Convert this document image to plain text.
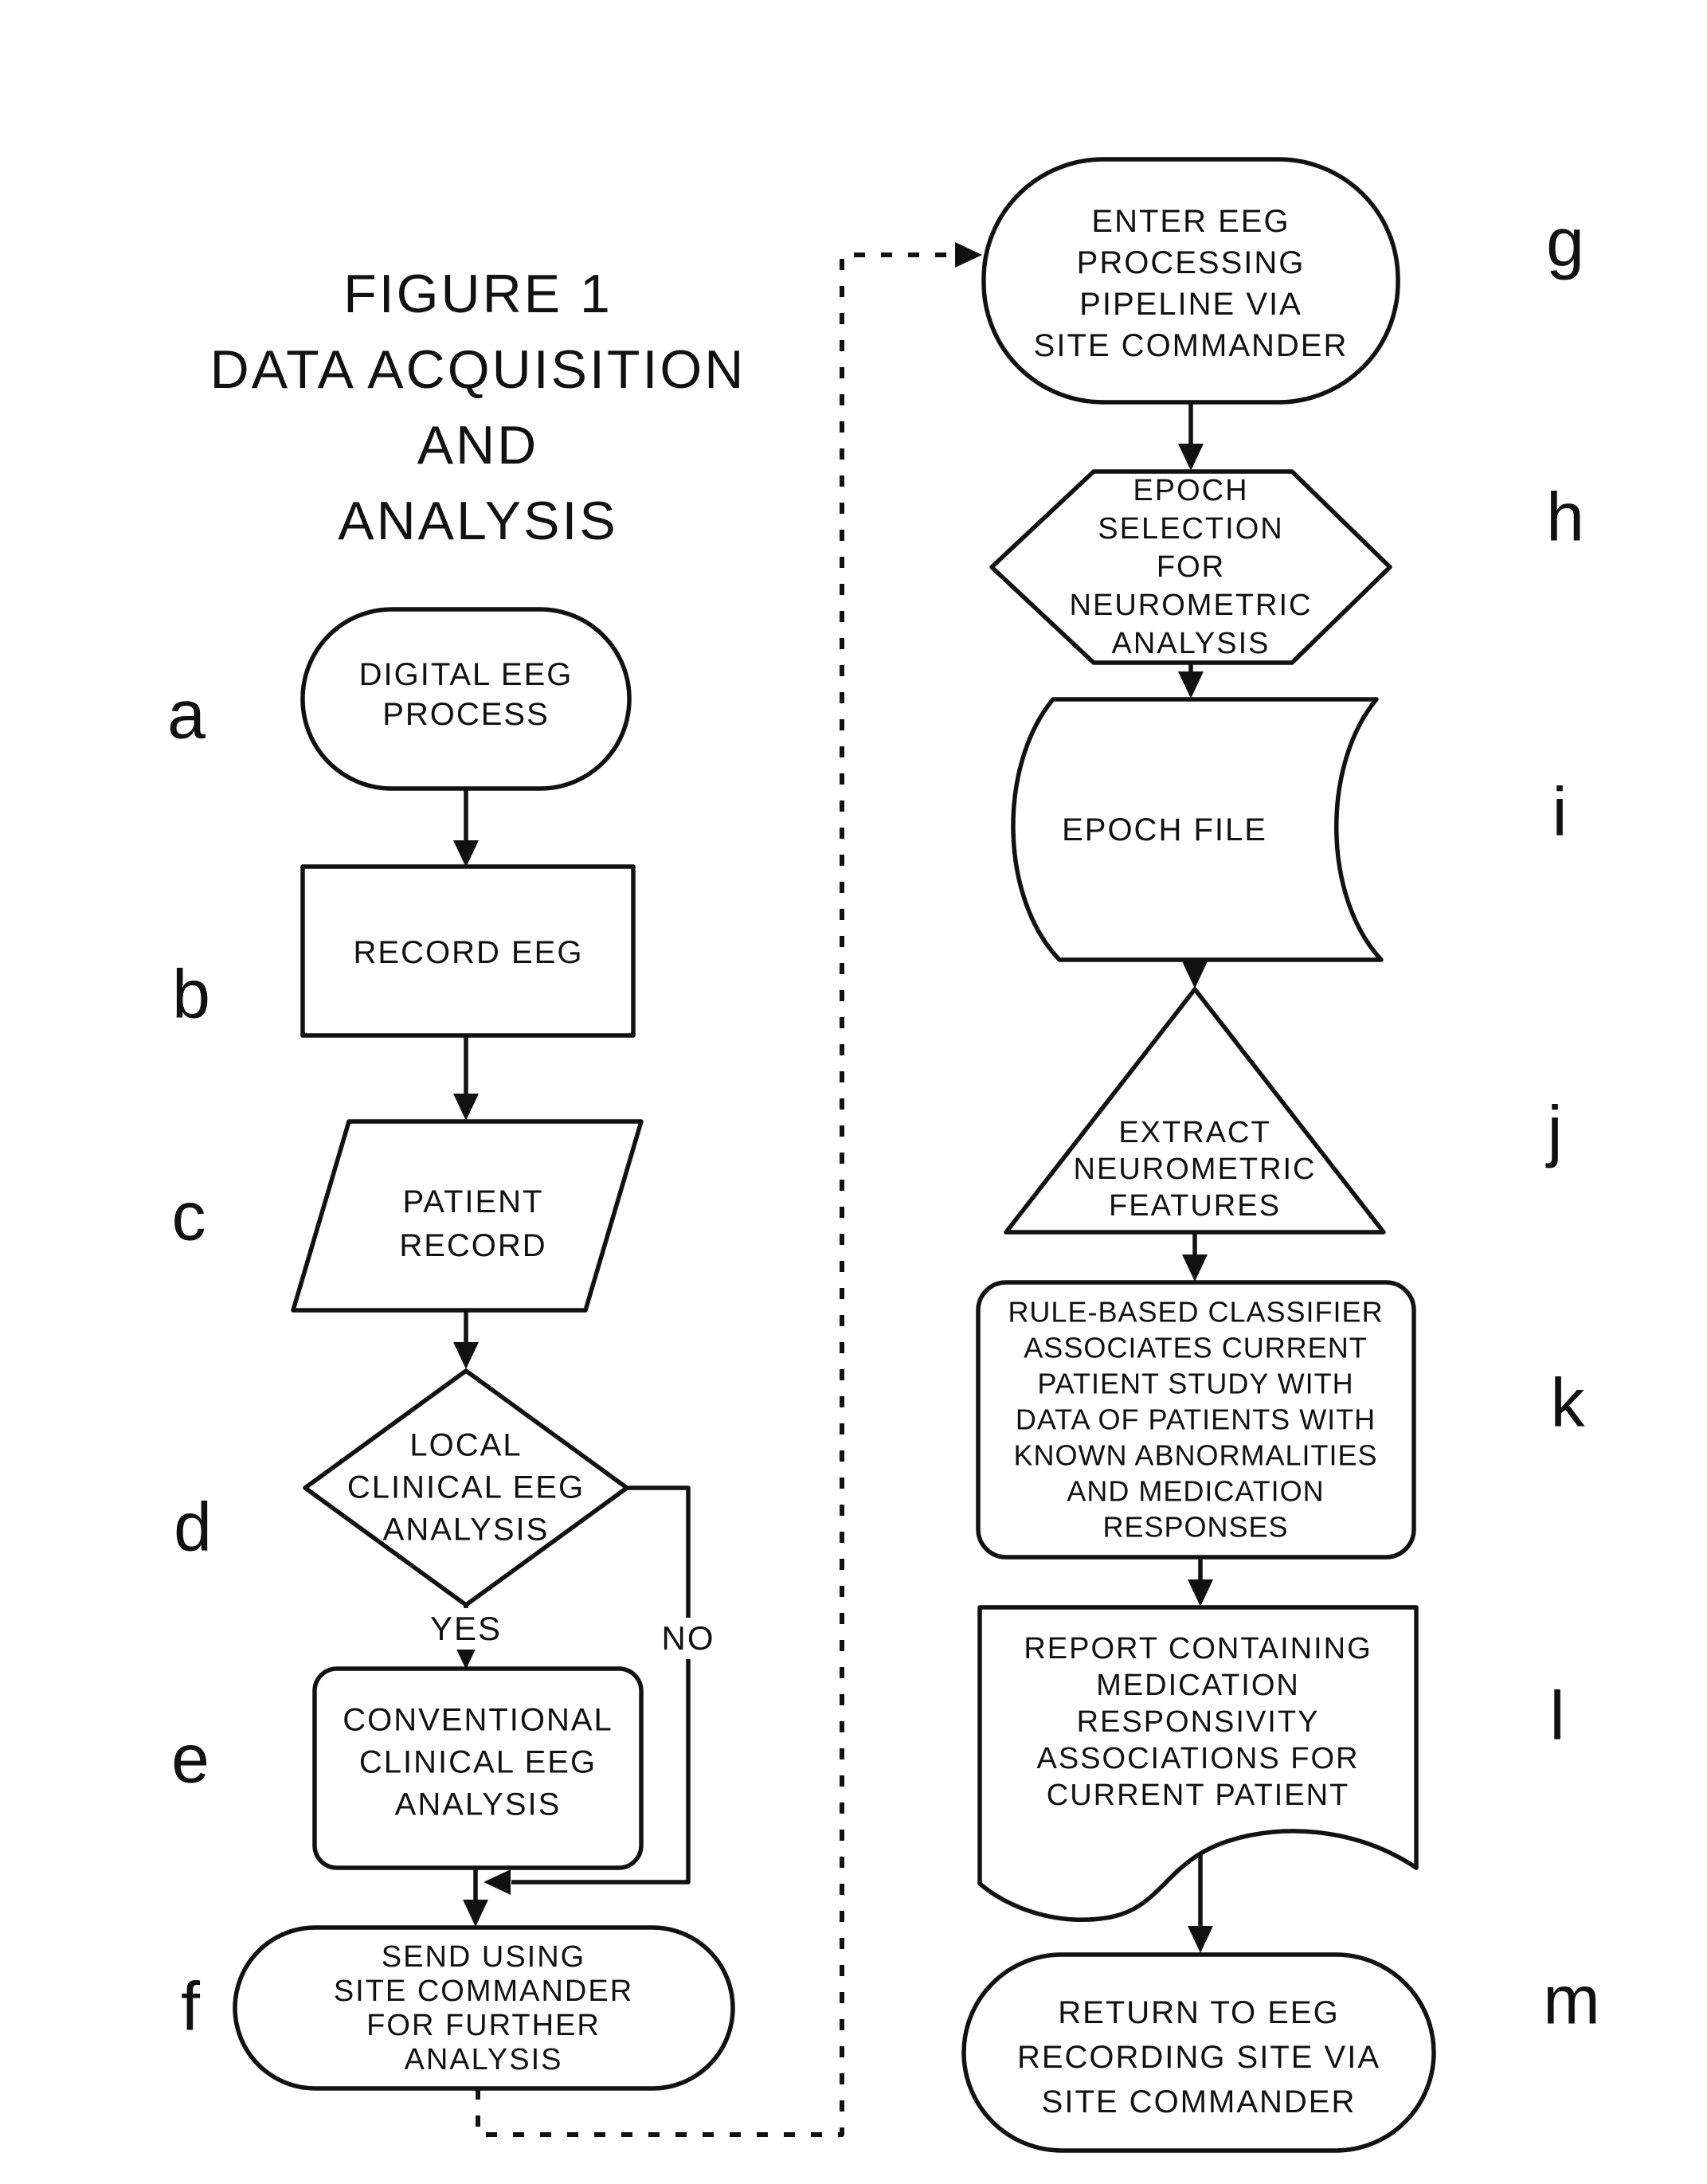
FIGURE 1
DATA ACQUISITION
AND
ANALYSIS
DIGITAL EEG
PROCESS
RECORD EEG
PATIENT
RECORD
LOCAL
CLINICAL EEG
ANALYSIS
CONVENTIONAL
CLINICAL EEG
ANALYSIS
SEND USING
SITE COMMANDER
FOR FURTHER
ANALYSIS
ENTER EEG
PROCESSING
PIPELINE VIA
SITE COMMANDER
EPOCH
SELECTION
FOR
NEUROMETRIC
ANALYSIS
EPOCH FILE
EXTRACT
NEUROMETRIC
FEATURES
RULE-BASED CLASSIFIER
ASSOCIATES CURRENT
PATIENT STUDY WITH
DATA OF PATIENTS WITH
KNOWN ABNORMALITIES
AND MEDICATION
RESPONSES
REPORT CONTAINING
MEDICATION
RESPONSIVITY
ASSOCIATIONS FOR
CURRENT PATIENT
RETURN TO EEG
RECORDING SITE VIA
SITE COMMANDER
YES	NO
a
b
c
d
e
f
g
h
i
j
k
l
m
